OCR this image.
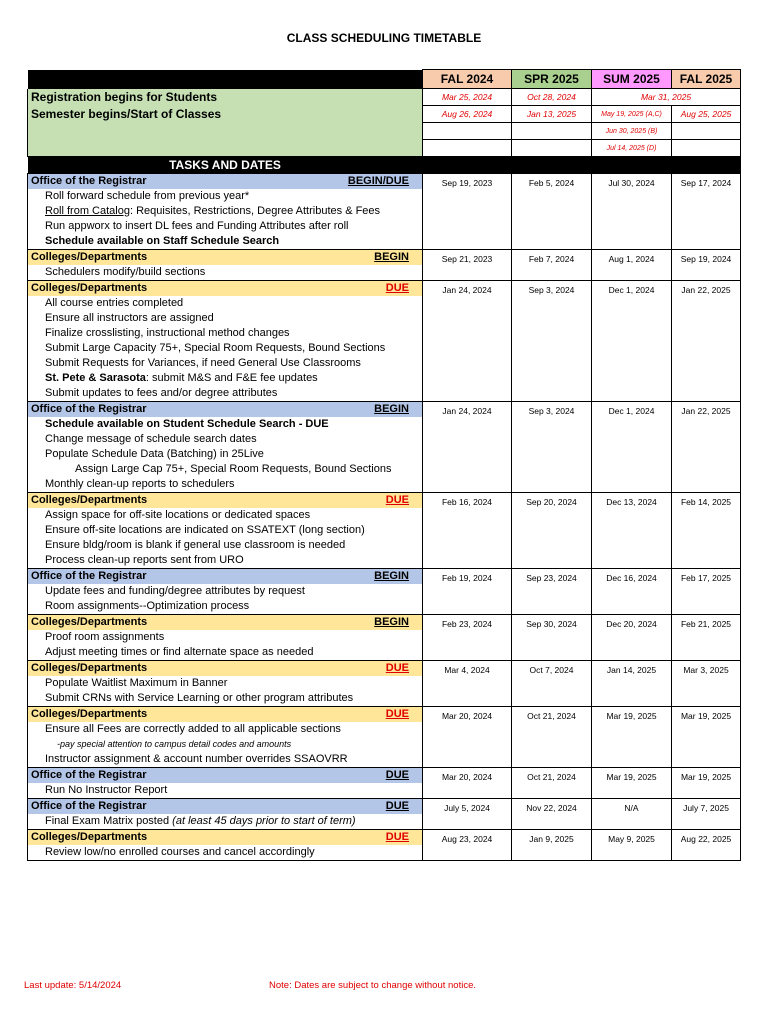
CLASS SCHEDULING TIMETABLE
	FAL 2024	SPR 2025	SUM 2025	FAL 2025
Registration begins for Students	Mar 25, 2024	Oct 28, 2024	Mar 31, 2025	
Semester begins/Start of Classes	Aug 26, 2024	Jan 13, 2025	May 19, 2025 (A,C)	Aug 25, 2025
			Jun 30, 2025 (B)	
			Jul 14, 2025 (D)	
TASKS AND DATES				
Office of the Registrar BEGIN/DUE	Sep 19, 2023	Feb 5, 2024	Jul 30, 2024	Sep 17, 2024
Roll forward schedule from previous year*				
Roll from Catalog: Requisites, Restrictions, Degree Attributes & Fees				
Run appworx to insert DL fees and Funding Attributes after roll				
Schedule available on Staff Schedule Search				
Colleges/Departments BEGIN	Sep 21, 2023	Feb 7, 2024	Aug 1, 2024	Sep 19, 2024
Schedulers modify/build sections				
Colleges/Departments DUE	Jan 24, 2024	Sep 3, 2024	Dec 1, 2024	Jan 22, 2025
All course entries completed				
Ensure all instructors are assigned				
Finalize crosslisting, instructional method changes				
Submit Large Capacity 75+, Special Room Requests, Bound Sections				
Submit Requests for Variances, if need General Use Classrooms				
St. Pete & Sarasota: submit M&S and F&E fee updates				
Submit updates to fees and/or degree attributes				
Office of the Registrar BEGIN	Jan 24, 2024	Sep 3, 2024	Dec 1, 2024	Jan 22, 2025
Schedule available on Student Schedule Search - DUE				
Change message of schedule search dates				
Populate Schedule Data (Batching) in 25Live				
Assign Large Cap 75+, Special Room Requests, Bound Sections				
Monthly clean-up reports to schedulers				
Colleges/Departments DUE	Feb 16, 2024	Sep 20, 2024	Dec 13, 2024	Feb 14, 2025
Assign space for off-site locations or dedicated spaces				
Ensure off-site locations are indicated on SSATEXT (long section)				
Ensure bldg/room is blank if general use classroom is needed				
Process clean-up reports sent from URO				
Office of the Registrar BEGIN	Feb 19, 2024	Sep 23, 2024	Dec 16, 2024	Feb 17, 2025
Update fees and funding/degree attributes by request				
Room assignments--Optimization process				
Colleges/Departments BEGIN	Feb 23, 2024	Sep 30, 2024	Dec 20, 2024	Feb 21, 2025
Proof room assignments				
Adjust meeting times or find alternate space as needed				
Colleges/Departments DUE	Mar 4, 2024	Oct 7, 2024	Jan 14, 2025	Mar 3, 2025
Populate Waitlist Maximum in Banner				
Submit CRNs with Service Learning or other program attributes				
Colleges/Departments DUE	Mar 20, 2024	Oct 21, 2024	Mar 19, 2025	Mar 19, 2025
Ensure all Fees are correctly added to all applicable sections				
-pay special attention to campus detail codes and amounts				
Instructor assignment & account number overrides SSAOVRR				
Office of the Registrar DUE	Mar 20, 2024	Oct 21, 2024	Mar 19, 2025	Mar 19, 2025
Run No Instructor Report				
Office of the Registrar DUE	July 5, 2024	Nov 22, 2024	N/A	July 7, 2025
Final Exam Matrix posted (at least 45 days prior to start of term)				
Colleges/Departments DUE	Aug 23, 2024	Jan 9, 2025	May 9, 2025	Aug 22, 2025
Review low/no enrolled courses and cancel accordingly				
Last update: 5/14/2024	Note: Dates are subject to change without notice.
